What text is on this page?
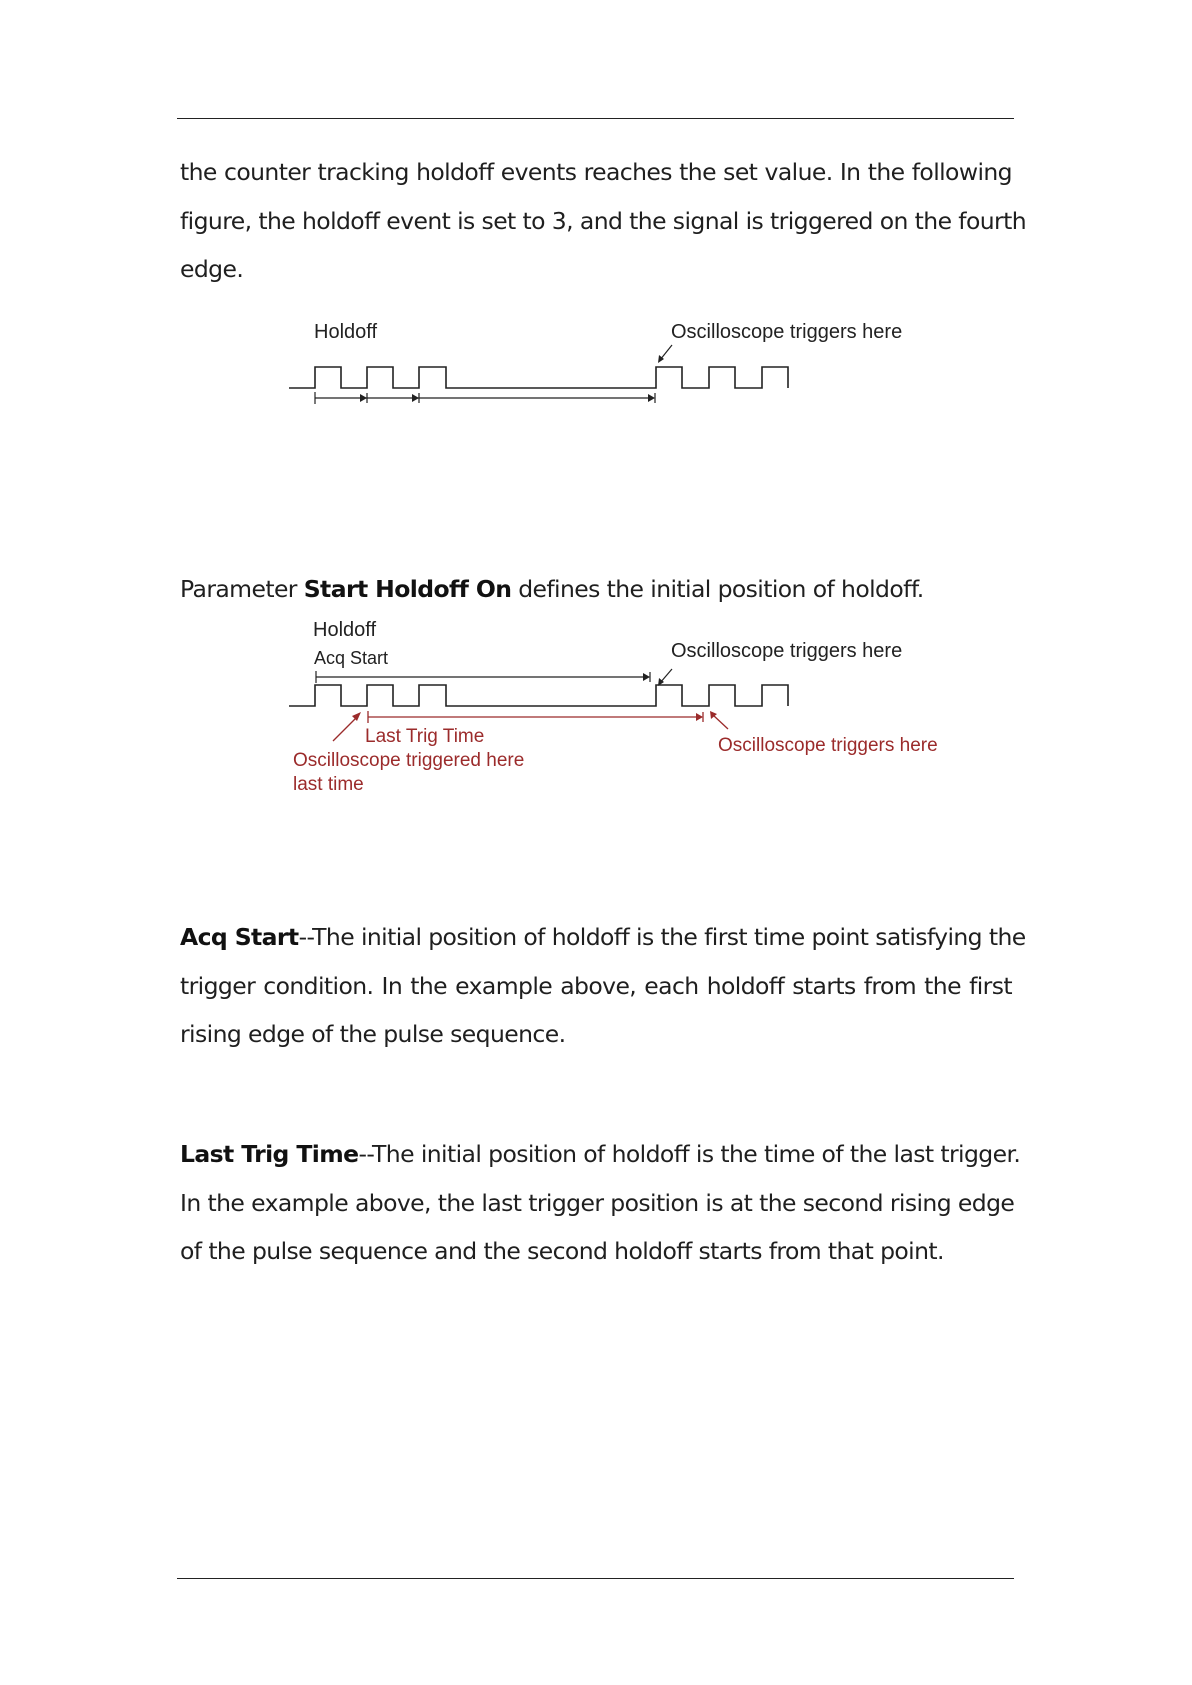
the counter tracking holdoff events reaches the set value. In the following
figure, the holdoff event is set to 3, and the signal is triggered on the fourth
edge.
Holdoff	Oscilloscope triggers here
Parameter Start Holdoff On defines the initial position of holdoff.
Holdoff
Acq Start	Oscilloscope triggers here
Last Trig Time
Oscilloscope triggered here
last time
Oscilloscope triggers here
Acq Start--The initial position of holdoff is the first time point satisfying the
trigger condition. In the example above, each holdoff starts from the first
rising edge of the pulse sequence.
Last Trig Time--The initial position of holdoff is the time of the last trigger.
In the example above, the last trigger position is at the second rising edge
of the pulse sequence and the second holdoff starts from that point.
